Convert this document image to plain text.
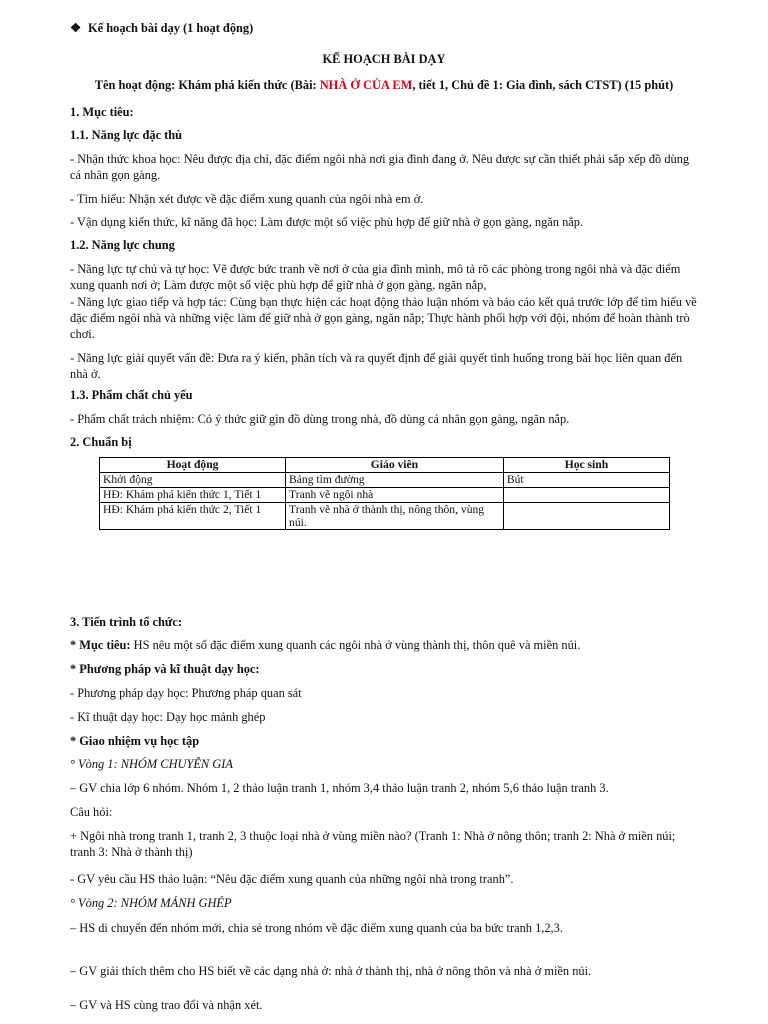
❖ Kế hoạch bài dạy (1 hoạt động)

KẾ HOẠCH BÀI DẠY

Tên hoạt động: Khám phá kiến thức (Bài: NHÀ Ở CỦA EM, tiết 1, Chủ đề 1: Gia đình, sách CTST) (15 phút)

1. Mục tiêu:

1.1. Năng lực đặc thù

- Nhận thức khoa học: Nêu được địa chỉ, đặc điểm ngôi nhà nơi gia đình đang ở. Nêu được sự cần thiết phải sắp xếp đồ dùng cá nhân gọn gàng.

- Tìm hiểu: Nhận xét được về đặc điểm xung quanh của ngôi nhà em ở.

- Vận dụng kiến thức, kĩ năng đã học: Làm được một số việc phù hợp để giữ nhà ở gọn gàng, ngăn nắp.

1.2. Năng lực chung

- Năng lực tự chủ và tự học: Vẽ được bức tranh về nơi ở của gia đình mình, mô tả rõ các phòng trong ngôi nhà và đặc điểm xung quanh nơi ở; Làm được một số việc phù hợp để giữ nhà ở gọn gàng, ngăn nắp,

- Năng lực giao tiếp và hợp tác: Cùng bạn thực hiện các hoạt động thảo luận nhóm và báo cáo kết quả trước lớp để tìm hiểu về đặc điểm ngôi nhà và những việc làm để giữ nhà ở gọn gàng, ngăn nắp; Thực hành phối hợp với đội, nhóm để hoàn thành trò chơi.

- Năng lực giải quyết vấn đề: Đưa ra ý kiến, phân tích và ra quyết định để giải quyết tình huống trong bài học liên quan đến nhà ở.

1.3. Phẩm chất chủ yếu

- Phẩm chất trách nhiệm: Có ý thức giữ gìn đồ dùng trong nhà, đồ dùng cá nhân gọn gàng, ngăn nắp.

2. Chuẩn bị

Hoạt động	Giáo viên	Học sinh
Khởi động	Bảng tìm đường	Bút
HĐ: Khám phá kiến thức 1, Tiết 1	Tranh vẽ ngôi nhà	
HĐ: Khám phá kiến thức 2, Tiết 1	Tranh vẽ nhà ở thành thị, nông thôn, vùng núi.	

3. Tiến trình tổ chức:

* Mục tiêu: HS nêu một số đặc điểm xung quanh các ngôi nhà ở vùng thành thị, thôn quê và miền núi.

* Phương pháp và kĩ thuật dạy học:

- Phương pháp dạy học: Phương pháp quan sát

- Kĩ thuật dạy học: Dạy học mảnh ghép

* Giao nhiệm vụ học tập

° Vòng 1: NHÓM CHUYÊN GIA

– GV chia lớp 6 nhóm. Nhóm 1, 2 thảo luận tranh 1, nhóm 3,4 thảo luận tranh 2, nhóm 5,6 thảo luận tranh 3.

Câu hỏi:

+ Ngôi nhà trong tranh 1, tranh 2, 3 thuộc loại nhà ở vùng miền nào? (Tranh 1: Nhà ở nông thôn; tranh 2: Nhà ở miền núi; tranh 3: Nhà ở thành thị)

- GV yêu cầu HS thảo luận: “Nêu đặc điểm xung quanh của những ngôi nhà trong tranh”.

° Vòng 2: NHÓM MẢNH GHÉP

– HS di chuyển đến nhóm mới, chia sẻ trong nhóm về đặc điểm xung quanh của ba bức tranh 1,2,3.

– GV giải thích thêm cho HS biết về các dạng nhà ở: nhà ở thành thị, nhà ở nông thôn và nhà ở miền núi.

– GV và HS cùng trao đổi và nhận xét.
